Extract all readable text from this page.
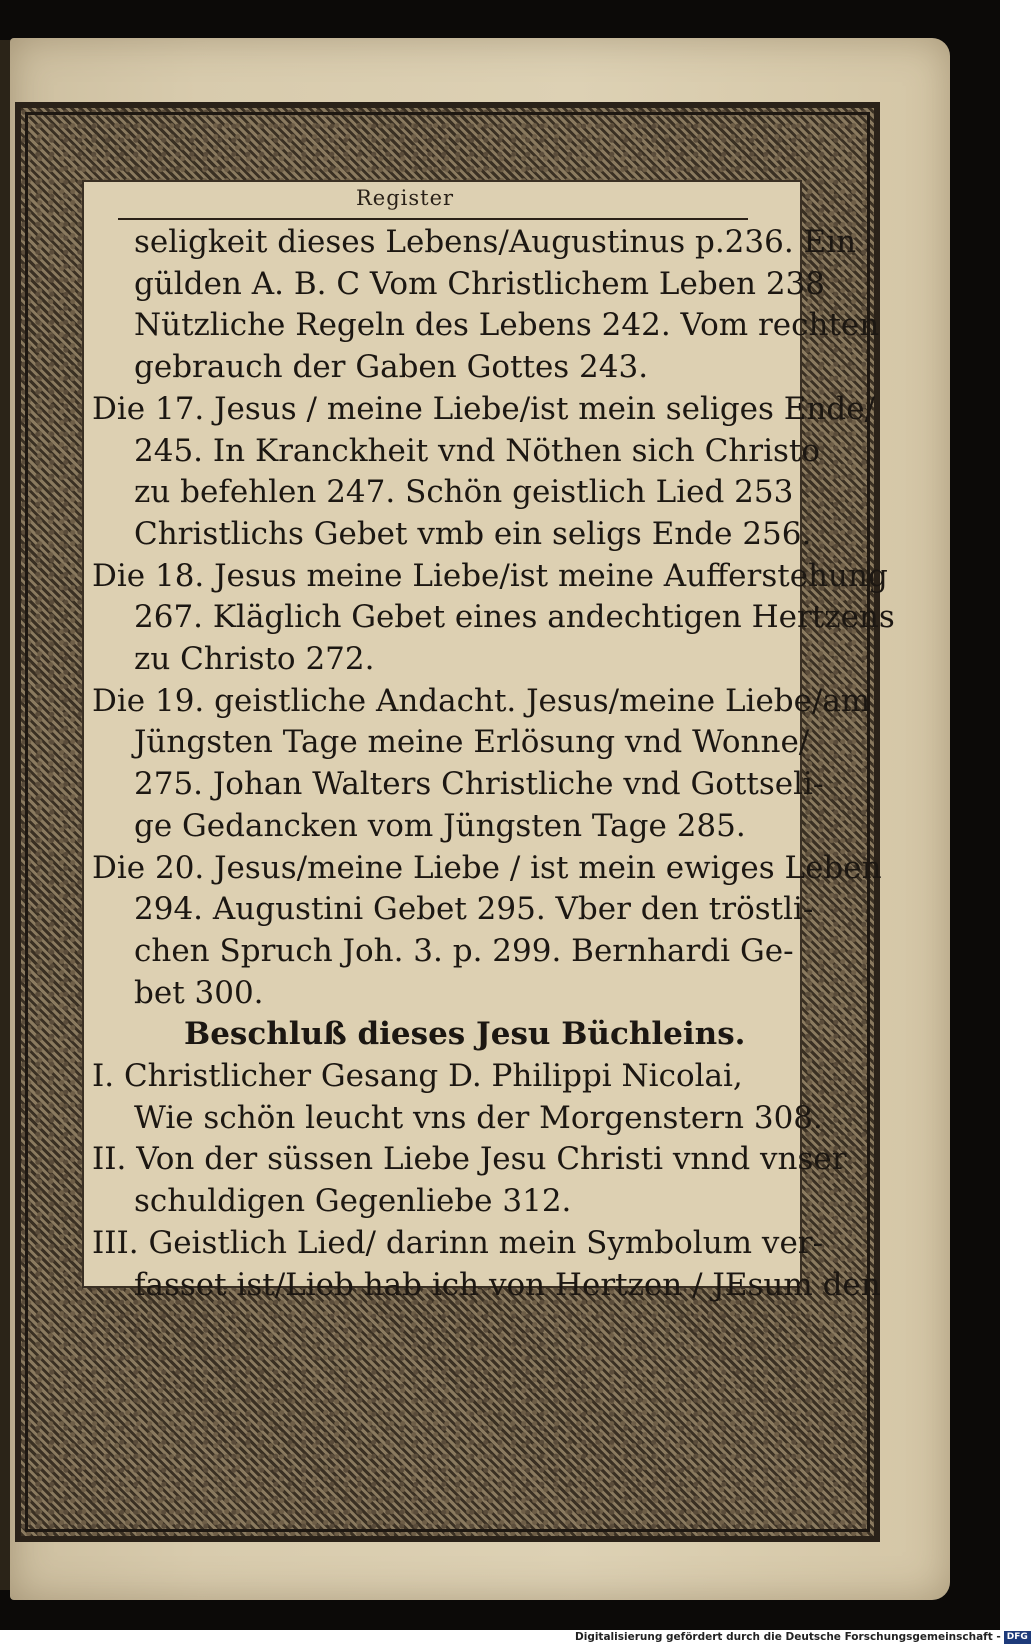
Register
seligkeit dieses Lebens/Augustinus p.236. Ein
gülden A. B. C Vom Christlichem Leben 238
Nützliche Regeln des Lebens 242. Vom rechten
gebrauch der Gaben Gottes 243.
Die 17. Jesus / meine Liebe/ist mein seliges Ende/
245. In Kranckheit vnd Nöthen sich Christo
zu befehlen 247. Schön geistlich Lied 253
Christlichs Gebet vmb ein seligs Ende 256.
Die 18. Jesus meine Liebe/ist meine Aufferstehung
267. Kläglich Gebet eines andechtigen Hertzens
zu Christo 272.
Die 19. geistliche Andacht. Jesus/meine Liebe/am
Jüngsten Tage meine Erlösung vnd Wonne/
275. Johan Walters Christliche vnd Gottseli-
ge Gedancken vom Jüngsten Tage 285.
Die 20. Jesus/meine Liebe / ist mein ewiges Leben
294. Augustini Gebet 295. Vber den tröstli-
chen Spruch Joh. 3. p. 299. Bernhardi Ge-
bet 300.
Beschluß dieses Jesu Büchleins.
I. Christlicher Gesang D. Philippi Nicolai,
Wie schön leucht vns der Morgenstern 308.
II. Von der süssen Liebe Jesu Christi vnnd vnser
schuldigen Gegenliebe 312.
III. Geistlich Lied/ darinn mein Symbolum ver-
fasset ist/Lieb hab ich von Hertzen / JEsum den
Digitalisierung gefördert durch die Deutsche Forschungsgemeinschaft - DFG
